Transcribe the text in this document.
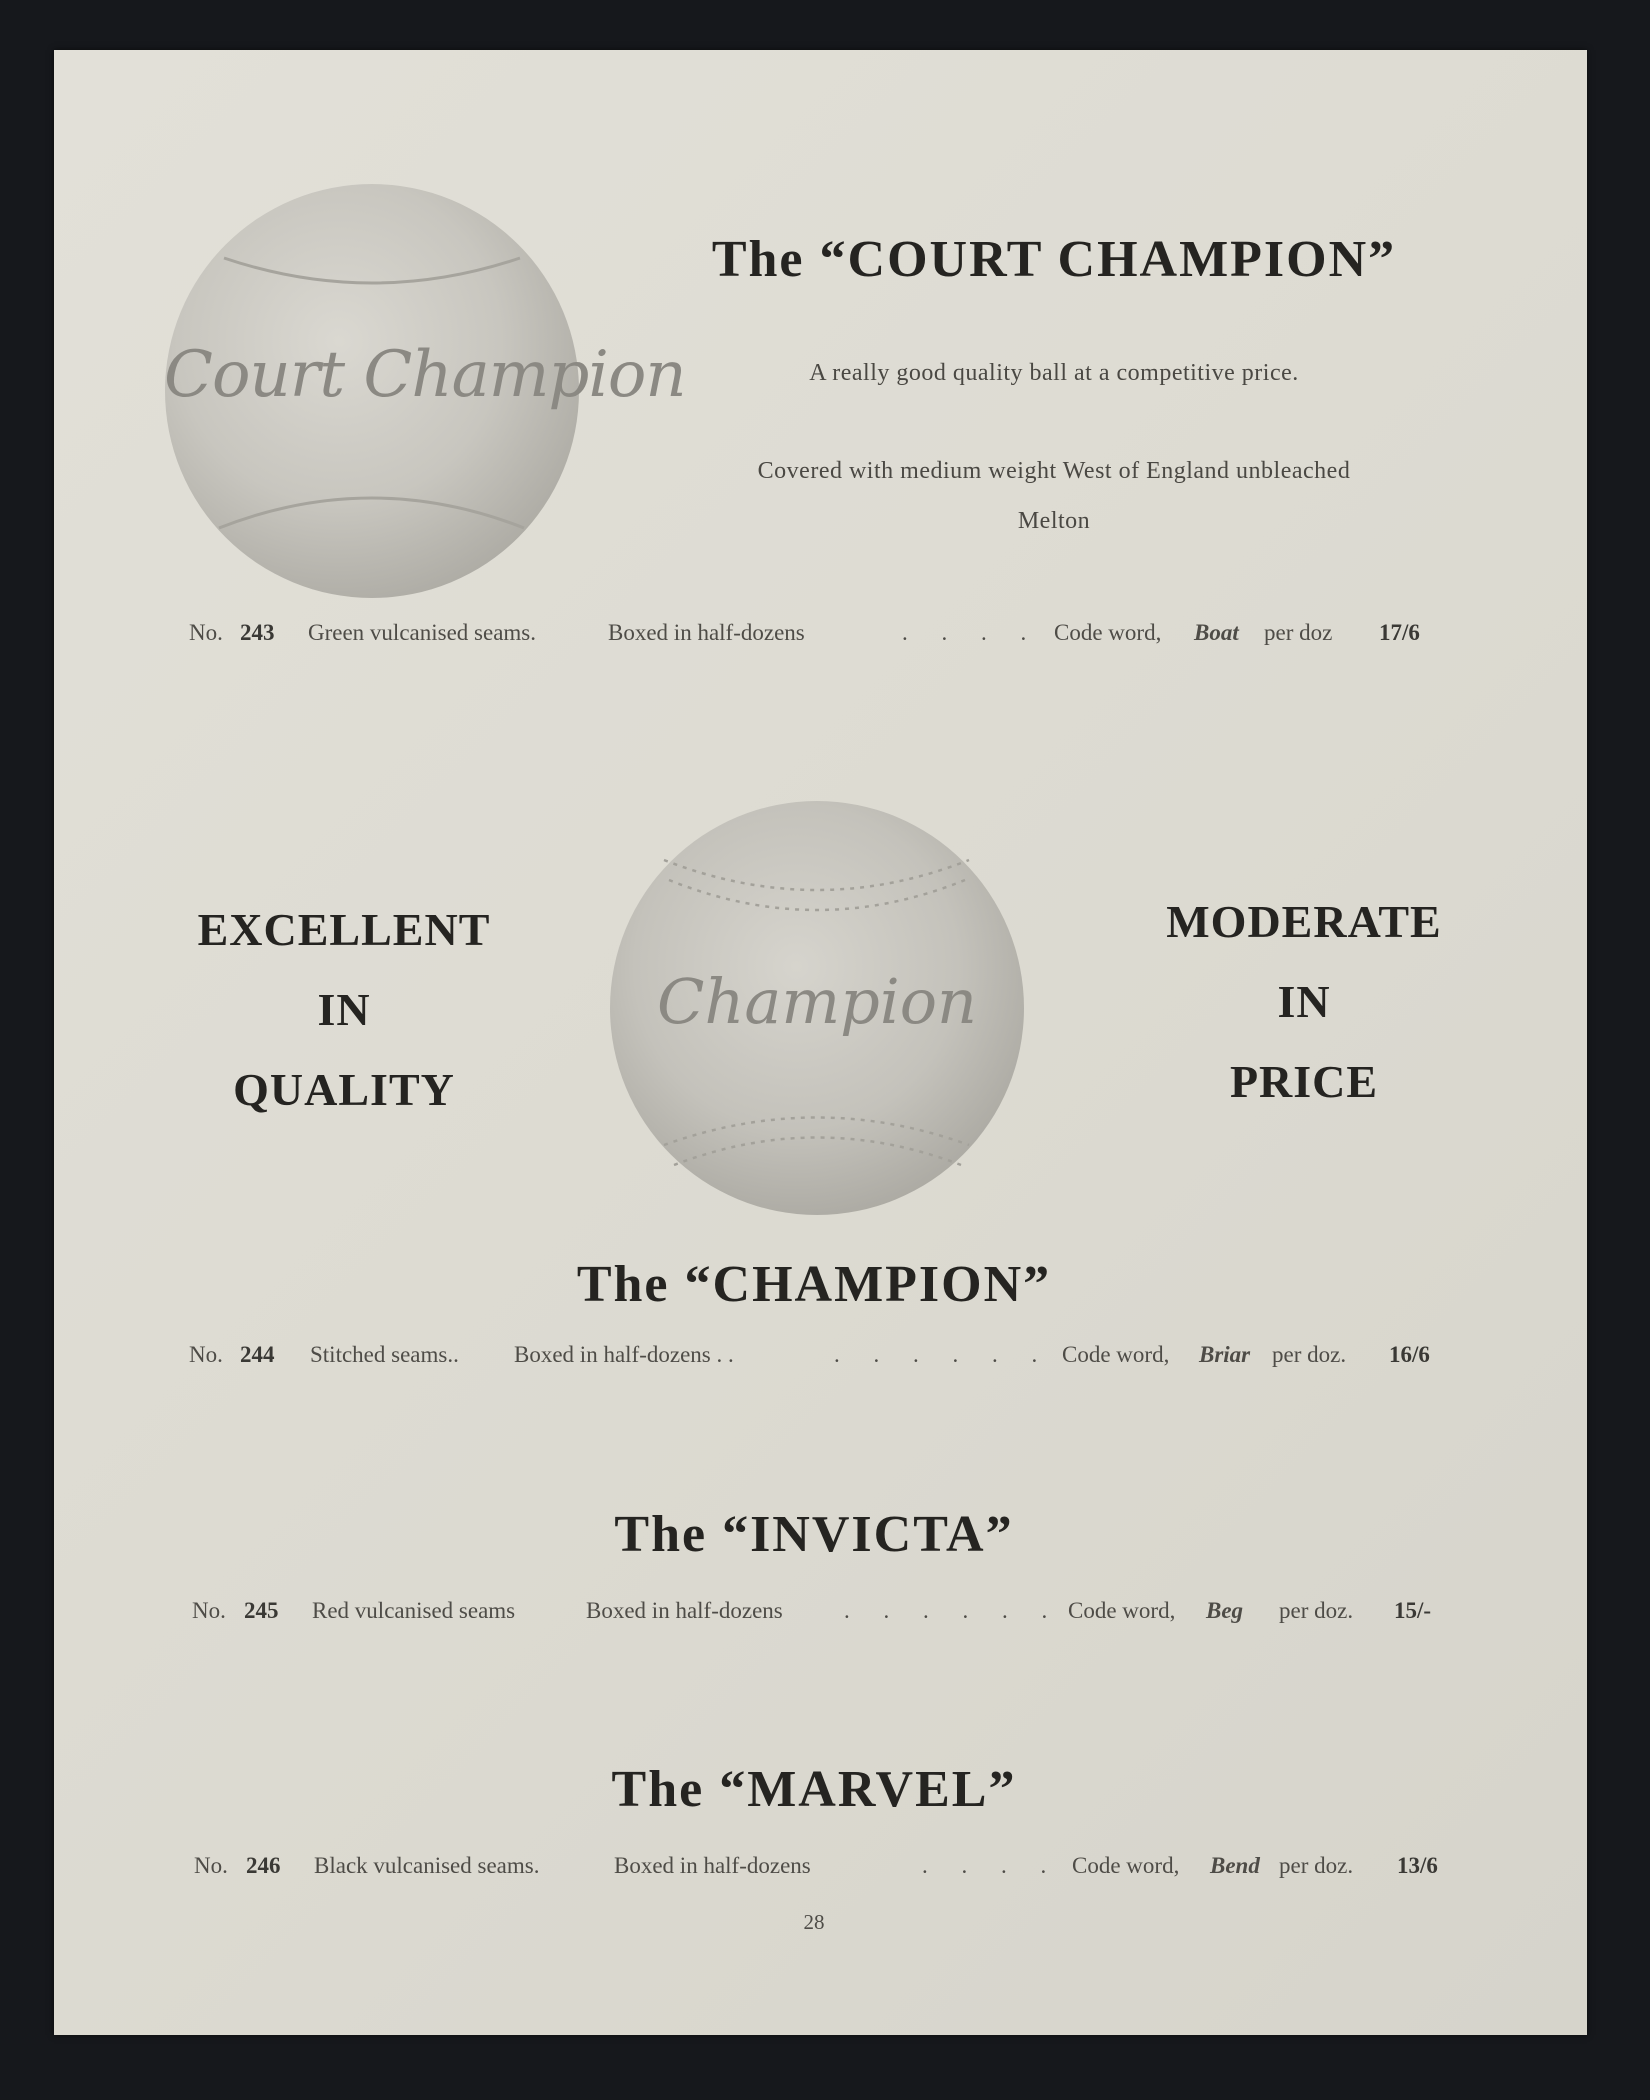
Court Champion
The “COURT CHAMPION”
A really good quality ball at a competitive price.
Covered with medium weight West of England unbleached
Melton
No. 243 Green vulcanised seams.	Boxed in half-dozens	. . . . Code word, Boat per doz 17/6
EXCELLENT
IN
QUALITY
MODERATE
IN
PRICE
Champion
The “CHAMPION”
No. 244 Stitched seams.. Boxed in half-dozens . .	. . . . . . Code word, Briar per doz. 16/6
The “INVICTA”
No. 245 Red vulcanised seams	Boxed in half-dozens	. . . . . . Code word, Beg per doz. 15/-
The “MARVEL”
No. 246 Black vulcanised seams.	Boxed in half-dozens	. . . . Code word, Bend per doz. 13/6
28
